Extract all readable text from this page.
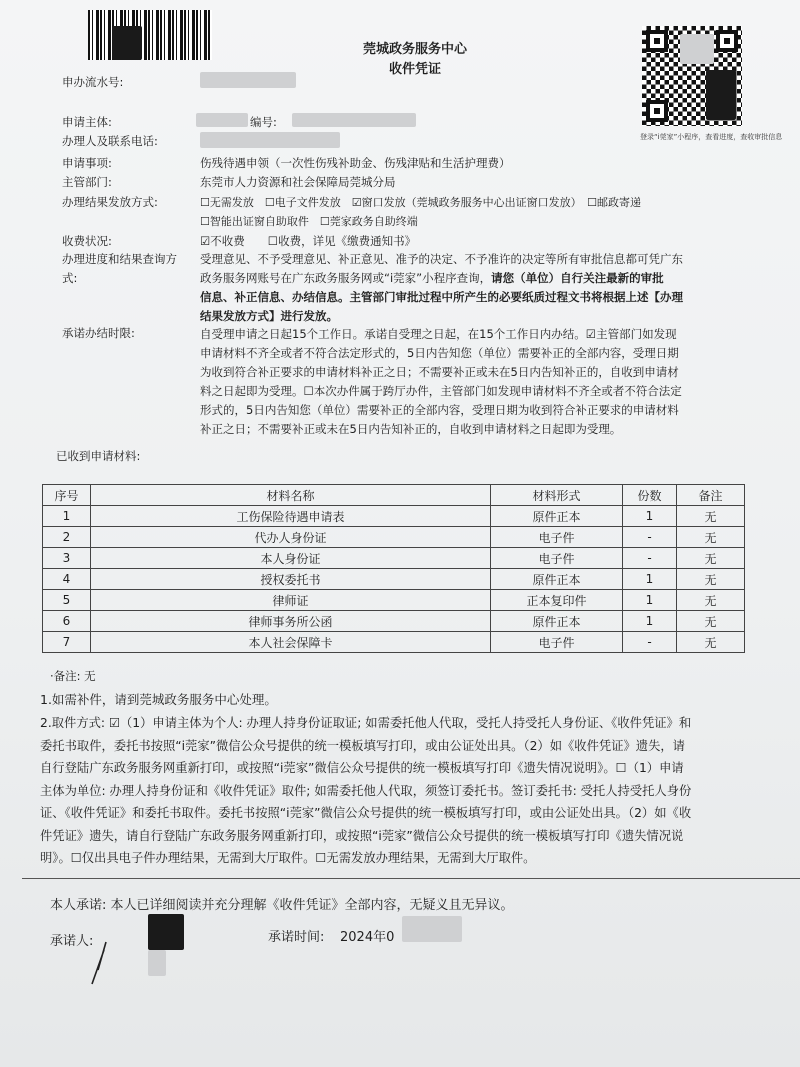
莞城政务服务中心
收件凭证
登录“i莞家”小程序，查看进度，查收审批信息
申办流水号:
申请主体:	编号:
办理人及联系电话:
申请事项:	伤残待遇申领（一次性伤残补助金、伤残津贴和生活护理费）
主管部门:	东莞市人力资源和社会保障局莞城分局
办理结果发放方式:	☐无需发放　☐电子文件发放　☑窗口发放（莞城政务服务中心出证窗口发放）　☐邮政寄递
☐智能出证窗自助取件　☐莞家政务自助终端
收费状况:	☑不收费　　☐收费，详见《缴费通知书》
办理进度和结果查询方式:
受理意见、不予受理意见、补正意见、准予的决定、不予准许的决定等所有审批信息都可凭广东
政务服务网账号在广东政务服务网或“i莞家”小程序查询，请您（单位）自行关注最新的审批
信息、补正信息、办结信息。主管部门审批过程中所产生的必要纸质过程文书将根据上述【办理
结果发放方式】进行发放。
承诺办结时限:	自受理申请之日起15个工作日。承诺自受理之日起，在15个工作日内办结。☑主管部门如发现
申请材料不齐全或者不符合法定形式的，5日内告知您（单位）需要补正的全部内容，受理日期
为收到符合补正要求的申请材料补正之日；不需要补正或未在5日内告知补正的，自收到申请材
料之日起即为受理。☐本次办件属于跨厅办件，主管部门如发现申请材料不齐全或者不符合法定
形式的，5日内告知您（单位）需要补正的全部内容，受理日期为收到符合补正要求的申请材料
补正之日；不需要补正或未在5日内告知补正的，自收到申请材料之日起即为受理。
已收到申请材料:
序号	材料名称	材料形式	份数	备注
1	工伤保险待遇申请表	原件正本	1	无
2	代办人身份证	电子件	-	无
3	本人身份证	电子件	-	无
4	授权委托书	原件正本	1	无
5	律师证	正本复印件	1	无
6	律师事务所公函	原件正本	1	无
7	本人社会保障卡	电子件	-	无
·备注: 无
1.如需补件，请到莞城政务服务中心处理。
2.取件方式: ☑（1）申请主体为个人: 办理人持身份证取证; 如需委托他人代取，受托人持受托人身份证、《收件凭证》和
委托书取件，委托书按照“i莞家”微信公众号提供的统一模板填写打印，或由公证处出具。（2）如《收件凭证》遗失，请
自行登陆广东政务服务网重新打印，或按照“i莞家”微信公众号提供的统一模板填写打印《遗失情况说明》。☐（1）申请
主体为单位: 办理人持身份证和《收件凭证》取件; 如需委托他人代取，须签订委托书。签订委托书: 受托人持受托人身份
证、《收件凭证》和委托书取件。委托书按照“i莞家”微信公众号提供的统一模板填写打印，或由公证处出具。（2）如《收
件凭证》遗失，请自行登陆广东政务服务网重新打印，或按照“i莞家”微信公众号提供的统一模板填写打印《遗失情况说
明》。☐仅出具电子件办理结果，无需到大厅取件。☐无需发放办理结果，无需到大厅取件。
本人承诺: 本人已详细阅读并充分理解《收件凭证》全部内容，无疑义且无异议。
承诺人:	承诺时间: 2024年0
